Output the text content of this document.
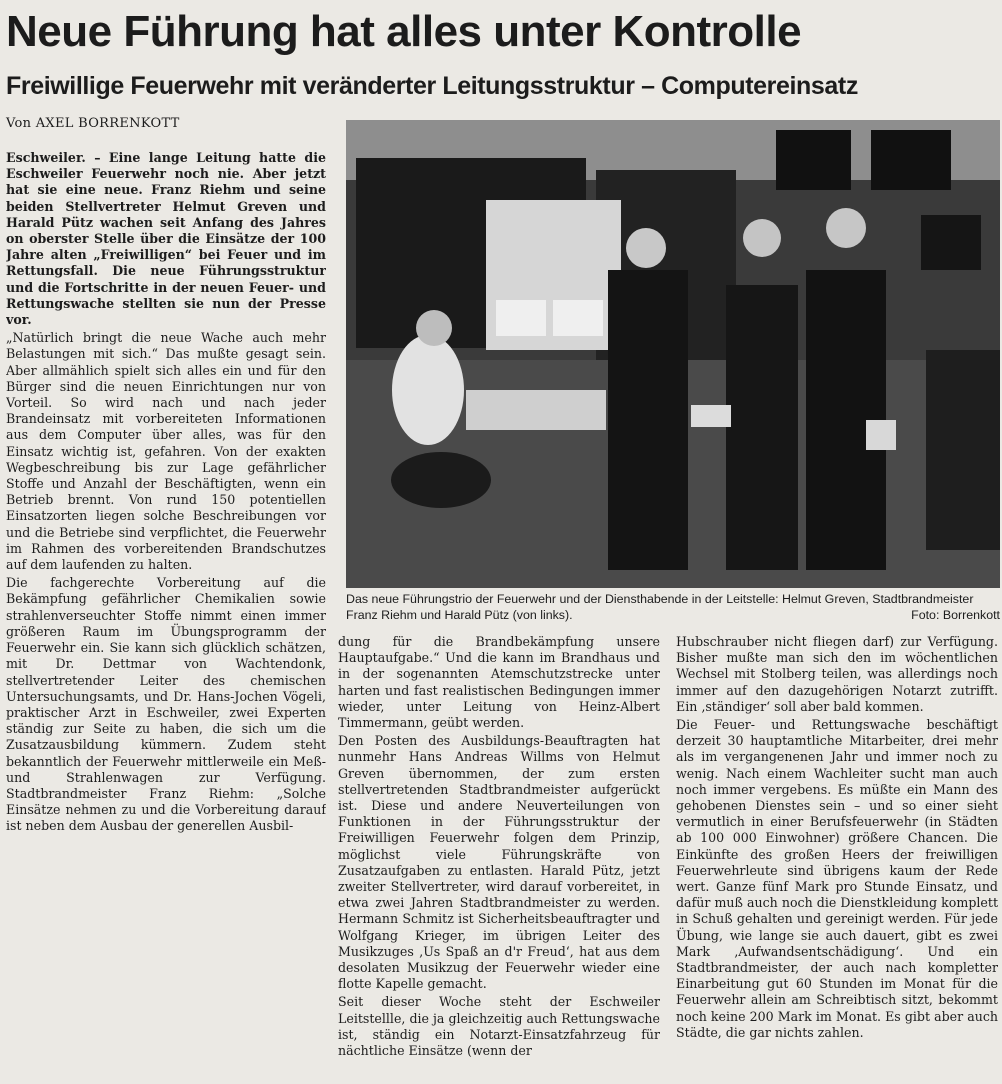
Neue Führung hat alles unter Kontrolle
Freiwillige Feuerwehr mit veränderter Leitungsstruktur – Computereinsatz
Von AXEL BORRENKOTT

Eschweiler. – Eine lange Leitung hatte die Eschweiler Feuerwehr noch nie. Aber jetzt hat sie eine neue. Franz Riehm und seine beiden Stellvertreter Helmut Greven und Harald Pütz wachen seit Anfang des Jahres on oberster Stelle über die Einsätze der 100 Jahre alten „Freiwilligen“ bei Feuer und im Rettungsfall. Die neue Führungsstruktur und die Fortschritte in der neuen Feuer- und Rettungswache stellten sie nun der Presse vor.

„Natürlich bringt die neue Wache auch mehr Belastungen mit sich.“ Das mußte gesagt sein. Aber allmählich spielt sich alles ein und für den Bürger sind die neuen Einrichtungen nur von Vorteil. So wird nach und nach jeder Brandeinsatz mit vorbereiteten Informationen aus dem Computer über alles, was für den Einsatz wichtig ist, gefahren. Von der exakten Wegbeschreibung bis zur Lage gefährlicher Stoffe und Anzahl der Beschäftigten, wenn ein Betrieb brennt. Von rund 150 potentiellen Einsatzorten liegen solche Beschreibungen vor und die Betriebe sind verpflichtet, die Feuerwehr im Rahmen des vorbereitenden Brandschutzes auf dem laufenden zu halten.

Die fachgerechte Vorbereitung auf die Bekämpfung gefährlicher Chemikalien sowie strahlenverseuchter Stoffe nimmt einen immer größeren Raum im Übungsprogramm der Feuerwehr ein. Sie kann sich glücklich schätzen, mit Dr. Dettmar von Wachtendonk, stellvertretender Leiter des chemischen Untersuchungsamts, und Dr. Hans-Jochen Vögeli, praktischer Arzt in Eschweiler, zwei Experten ständig zur Seite zu haben, die sich um die Zusatzausbildung kümmern. Zudem steht bekanntlich der Feuerwehr mittlerweile ein Meß- und Strahlenwagen zur Verfügung. Stadtbrandmeister Franz Riehm: „Solche Einsätze nehmen zu und die Vorbereitung darauf ist neben dem Ausbau der generellen Ausbil-

Das neue Führungstrio der Feuerwehr und der Diensthabende in der Leitstelle: Helmut Greven, Stadtbrandmeister Franz Riehm und Harald Pütz (von links).	Foto: Borrenkott

dung für die Brandbekämpfung unsere Hauptaufgabe.“ Und die kann im Brandhaus und in der sogenannten Atemschutzstrecke unter harten und fast realistischen Bedingungen immer wieder, unter Leitung von Heinz-Albert Timmermann, geübt werden.

Den Posten des Ausbildungs-Beauftragten hat nunmehr Hans Andreas Willms von Helmut Greven übernommen, der zum ersten stellvertretenden Stadtbrandmeister aufgerückt ist. Diese und andere Neuverteilungen von Funktionen in der Führungsstruktur der Freiwilligen Feuerwehr folgen dem Prinzip, möglichst viele Führungskräfte von Zusatzaufgaben zu entlasten. Harald Pütz, jetzt zweiter Stellvertreter, wird darauf vorbereitet, in etwa zwei Jahren Stadtbrandmeister zu werden. Hermann Schmitz ist Sicherheitsbeauftragter und Wolfgang Krieger, im übrigen Leiter des Musikzuges ‚Us Spaß an d'r Freud‘, hat aus dem desolaten Musikzug der Feuerwehr wieder eine flotte Kapelle gemacht.

Seit dieser Woche steht der Eschweiler Leitstellle, die ja gleichzeitig auch Rettungswache ist, ständig ein Notarzt-Einsatzfahrzeug für nächtliche Einsätze (wenn der

Hubschrauber nicht fliegen darf) zur Verfügung. Bisher mußte man sich den im wöchentlichen Wechsel mit Stolberg teilen, was allerdings noch immer auf den dazugehörigen Notarzt zutrifft. Ein ‚ständiger‘ soll aber bald kommen.

Die Feuer- und Rettungswache beschäftigt derzeit 30 hauptamtliche Mitarbeiter, drei mehr als im vergangenenen Jahr und immer noch zu wenig. Nach einem Wachleiter sucht man auch noch immer vergebens. Es müßte ein Mann des gehobenen Dienstes sein – und so einer sieht vermutlich in einer Berufsfeuerwehr (in Städten ab 100 000 Einwohner) größere Chancen. Die Einkünfte des großen Heers der freiwilligen Feuerwehrleute sind übrigens kaum der Rede wert. Ganze fünf Mark pro Stunde Einsatz, und dafür muß auch noch die Dienstkleidung komplett in Schuß gehalten und gereinigt werden. Für jede Übung, wie lange sie auch dauert, gibt es zwei Mark ‚Aufwandsentschädigung‘. Und ein Stadtbrandmeister, der auch nach kompletter Einarbeitung gut 60 Stunden im Monat für die Feuerwehr allein am Schreibtisch sitzt, bekommt noch keine 200 Mark im Monat. Es gibt aber auch Städte, die gar nichts zahlen.
